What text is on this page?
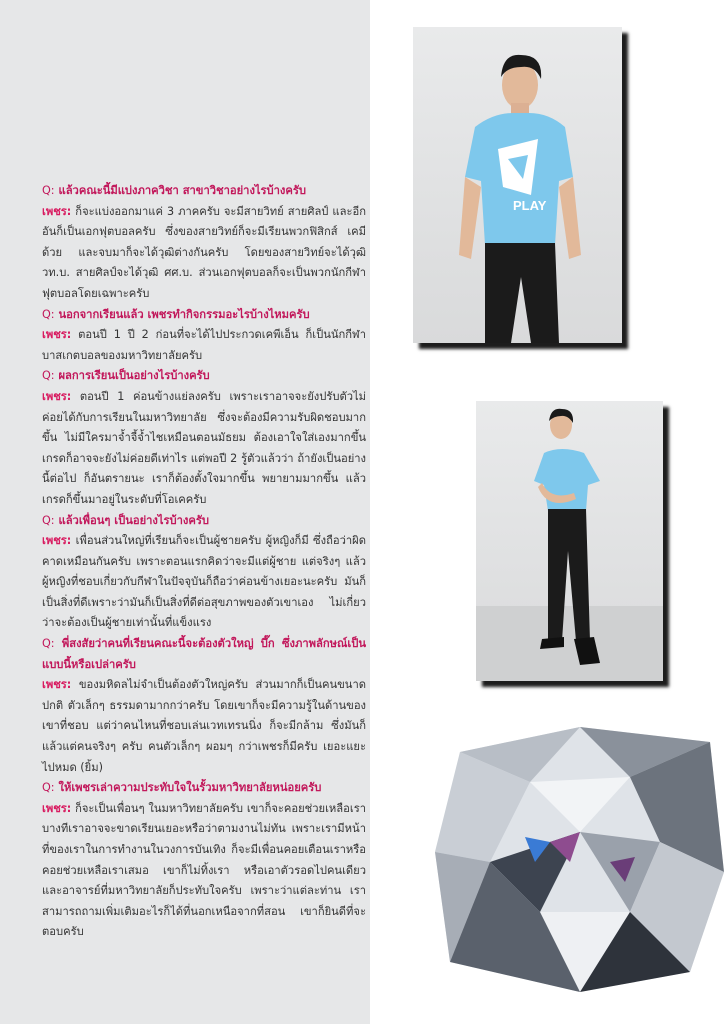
Q: แล้วคณะนี้มีแบ่งภาควิชา สาขาวิชาอย่างไรบ้างครับ

เพชร: ก็จะแบ่งออกมาแค่ 3 ภาคครับ จะมีสายวิทย์ สายศิลป์ และอีกอันก็เป็นเอกฟุตบอลครับ ซึ่งของสายวิทย์ก็จะมีเรียนพวกฟิสิกส์ เคมีด้วย และจบมาก็จะได้วุฒิต่างกันครับ โดยของสายวิทย์จะได้วุฒิ วท.บ. สายศิลป์จะได้วุฒิ ศศ.บ. ส่วนเอกฟุตบอลก็จะเป็นพวกนักกีฬาฟุตบอลโดยเฉพาะครับ

Q: นอกจากเรียนแล้ว เพชรทำกิจกรรมอะไรบ้างไหมครับ

เพชร: ตอนปี 1 ปี 2 ก่อนที่จะได้ไปประกวดเคพีเอ็น ก็เป็นนักกีฬาบาสเกตบอลของมหาวิทยาลัยครับ

Q: ผลการเรียนเป็นอย่างไรบ้างครับ

เพชร: ตอนปี 1 ค่อนข้างแย่ลงครับ เพราะเราอาจจะยังปรับตัวไม่ค่อยได้กับการเรียนในมหาวิทยาลัย ซึ่งจะต้องมีความรับผิดชอบมากขึ้น ไม่มีใครมาจ้ำจี้จ้ำไชเหมือนตอนมัธยม ต้องเอาใจใส่เองมากขึ้น เกรดก็อาจจะยังไม่ค่อยดีเท่าไร แต่พอปี 2 รู้ตัวแล้วว่า ถ้ายังเป็นอย่างนี้ต่อไป ก็อันตรายนะ เราก็ต้องตั้งใจมากขึ้น พยายามมากขึ้น แล้วเกรดก็ขึ้นมาอยู่ในระดับที่โอเคครับ

Q: แล้วเพื่อนๆ เป็นอย่างไรบ้างครับ

เพชร: เพื่อนส่วนใหญ่ที่เรียนก็จะเป็นผู้ชายครับ ผู้หญิงก็มี ซึ่งถือว่าผิดคาดเหมือนกันครับ เพราะตอนแรกคิดว่าจะมีแต่ผู้ชาย แต่จริงๆ แล้ว ผู้หญิงที่ชอบเกี่ยวกับกีฬาในปัจจุบันก็ถือว่าค่อนข้างเยอะนะครับ มันก็เป็นสิ่งที่ดีเพราะว่ามันก็เป็นสิ่งที่ดีต่อสุขภาพของตัวเขาเอง ไม่เกี่ยวว่าจะต้องเป็นผู้ชายเท่านั้นที่แข็งแรง

Q: พี่สงสัยว่าคนที่เรียนคณะนี้จะต้องตัวใหญ่ บึ๊ก ซึ่งภาพลักษณ์เป็นแบบนี้หรือเปล่าครับ

เพชร: ของมหิดลไม่จำเป็นต้องตัวใหญ่ครับ ส่วนมากก็เป็นคนขนาดปกติ ตัวเล็กๆ ธรรมดามากกว่าครับ โดยเขาก็จะมีความรู้ในด้านของเขาที่ชอบ แต่ว่าคนไหนที่ชอบเล่นเวทเทรนนิ่ง ก็จะมีกล้าม ซึ่งมันก็แล้วแต่คนจริงๆ ครับ คนตัวเล็กๆ ผอมๆ กว่าเพชรก็มีครับ เยอะแยะไปหมด (ยิ้ม)

Q: ให้เพชรเล่าความประทับใจในรั้วมหาวิทยาลัยหน่อยครับ

เพชร: ก็จะเป็นเพื่อนๆ ในมหาวิทยาลัยครับ เขาก็จะคอยช่วยเหลือเรา บางทีเราอาจจะขาดเรียนเยอะหรือว่าตามงานไม่ทัน เพราะเรามีหน้าที่ของเราในการทำงานในวงการบันเทิง ก็จะมีเพื่อนคอยเตือนเราหรือคอยช่วยเหลือเราเสมอ เขาก็ไม่ทิ้งเรา หรือเอาตัวรอดไปคนเดียว และอาจารย์ที่มหาวิทยาลัยก็ประทับใจครับ เพราะว่าแต่ละท่าน เราสามารถถามเพิ่มเติมอะไรก็ได้ที่นอกเหนือจากที่สอน เขาก็ยินดีที่จะตอบครับ

PLAY
